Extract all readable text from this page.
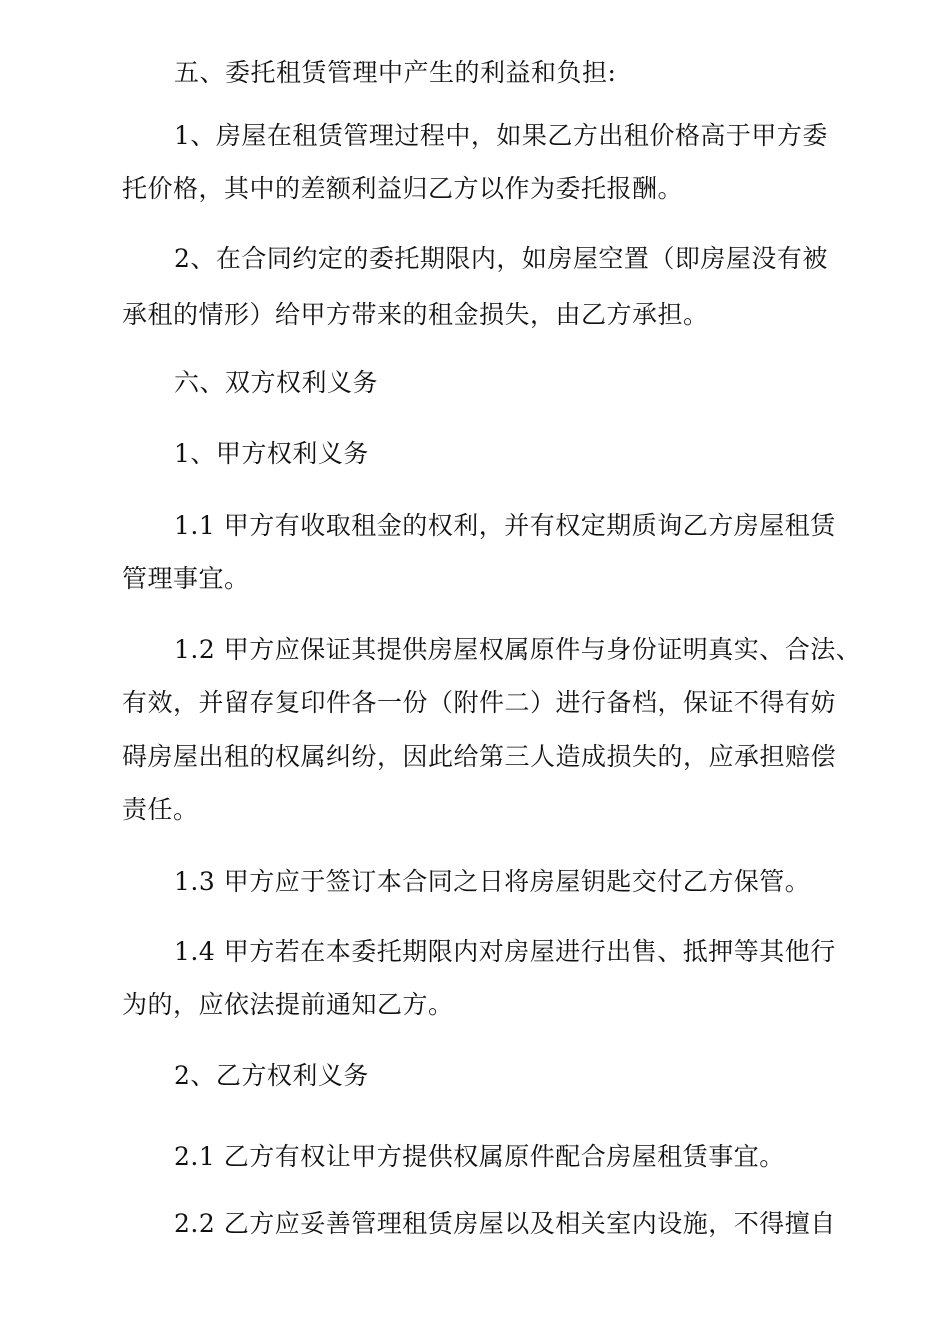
五、委托租赁管理中产生的利益和负担:
1、房屋在租赁管理过程中，如果乙方出租价格高于甲方委
托价格，其中的差额利益归乙方以作为委托报酬。
2、在合同约定的委托期限内，如房屋空置（即房屋没有被
承租的情形）给甲方带来的租金损失，由乙方承担。
六、双方权利义务
1、甲方权利义务
1.1 甲方有收取租金的权利，并有权定期质询乙方房屋租赁
管理事宜。
1.2 甲方应保证其提供房屋权属原件与身份证明真实、合法、
有效，并留存复印件各一份（附件二）进行备档，保证不得有妨
碍房屋出租的权属纠纷，因此给第三人造成损失的，应承担赔偿
责任。
1.3 甲方应于签订本合同之日将房屋钥匙交付乙方保管。
1.4 甲方若在本委托期限内对房屋进行出售、抵押等其他行
为的，应依法提前通知乙方。
2、乙方权利义务
2.1 乙方有权让甲方提供权属原件配合房屋租赁事宜。
2.2 乙方应妥善管理租赁房屋以及相关室内设施，不得擅自
